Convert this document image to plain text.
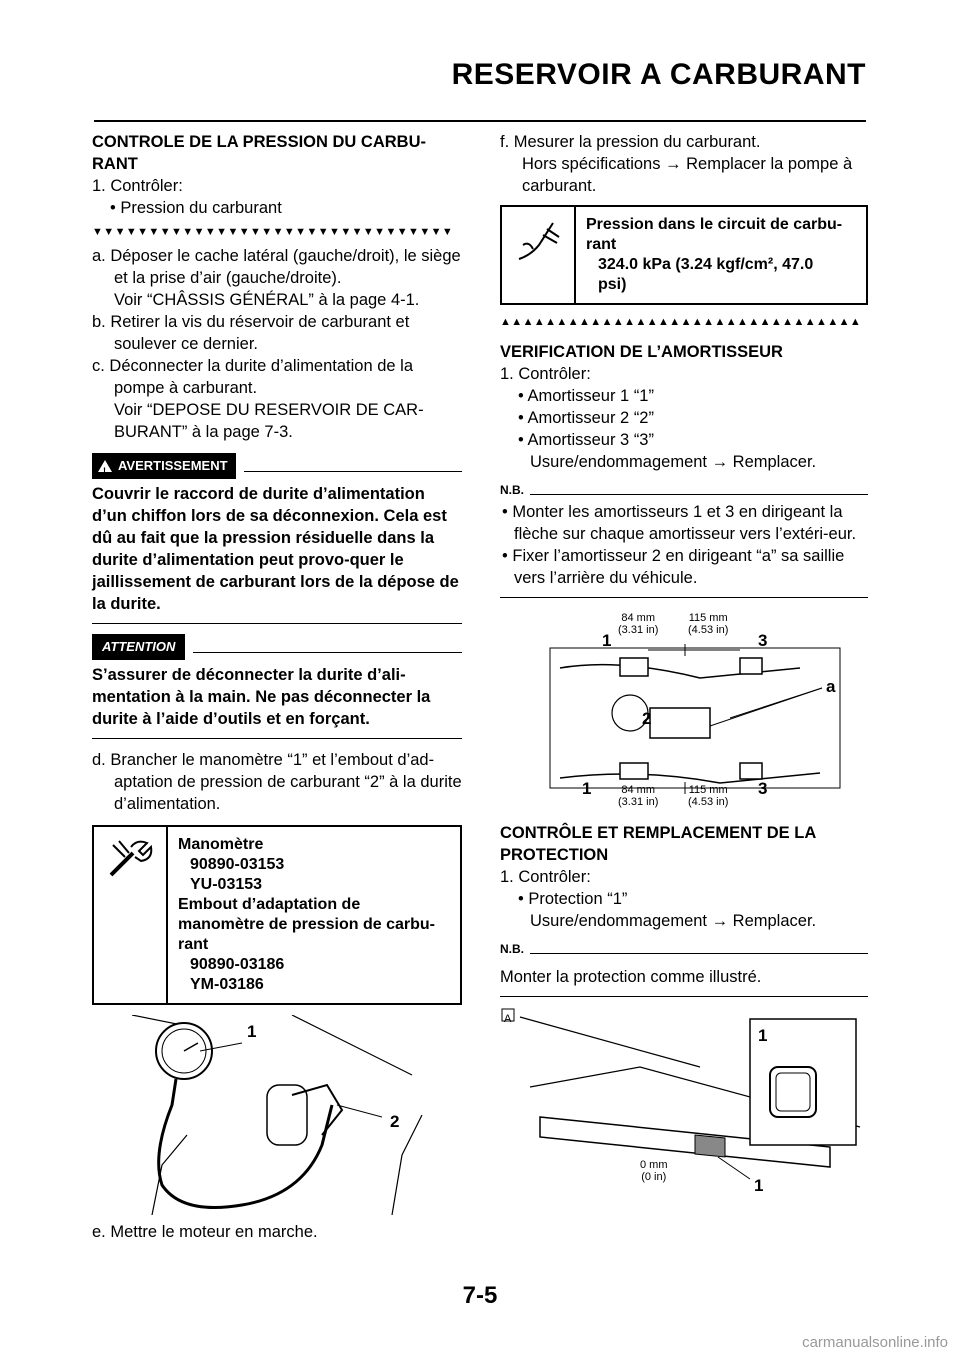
RESERVOIR A CARBURANT

CONTROLE DE LA PRESSION DU CARBU-RANT

1. Contrôler:

• Pression du carburant

▼▼▼▼▼▼▼▼▼▼▼▼▼▼▼▼▼▼▼▼▼▼▼▼▼▼▼▼▼▼▼▼

a. Déposer le cache latéral (gauche/droit), le siège et la prise d’air (gauche/droite).

Voir “CHÂSSIS GÉNÉRAL” à la page 4-1.

b. Retirer la vis du réservoir de carburant et soulever ce dernier.

c. Déconnecter la durite d’alimentation de la pompe à carburant.

Voir “DEPOSE DU RESERVOIR DE CAR-BURANT” à la page 7-3.

!
AVERTISSEMENT

Couvrir le raccord de durite d’alimentation d’un chiffon lors de sa déconnexion. Cela est dû au fait que la pression résiduelle dans la durite d’alimentation peut provo-quer le jaillissement de carburant lors de la dépose de la durite.

ATTENTION

S’assurer de déconnecter la durite d’ali-mentation à la main. Ne pas déconnecter la durite à l’aide d’outils et en forçant.

d. Brancher le manomètre “1” et l’embout d’ad-aptation de pression de carburant “2” à la durite d’alimentation.

Manomètre
90890-03153
YU-03153
Embout d’adaptation de
manomètre de pression de carbu-
rant
90890-03186
YM-03186
1
2

e. Mettre le moteur en marche.

f. Mesurer la pression du carburant.

Hors spécifications → Remplacer la pompe à carburant.

Pression dans le circuit de carbu-
rant
324.0 kPa (3.24 kgf/cm², 47.0
psi)
▲▲▲▲▲▲▲▲▲▲▲▲▲▲▲▲▲▲▲▲▲▲▲▲▲▲▲▲▲▲▲▲

VERIFICATION DE L’AMORTISSEUR

1. Contrôler:

• Amortisseur 1 “1”

• Amortisseur 2 “2”

• Amortisseur 3 “3”

Usure/endommagement → Remplacer.

N.B.

• Monter les amortisseurs 1 et 3 en dirigeant la flèche sur chaque amortisseur vers l’extéri-eur.

• Fixer l’amortisseur 2 en dirigeant “a” sa saillie vers l’arrière du véhicule.

84 mm
(3.31 in)
115 mm
(4.53 in)
84 mm
(3.31 in)
115 mm
(4.53 in)
1
1
2
3
3
a

CONTRÔLE ET REMPLACEMENT DE LA PROTECTION

1. Contrôler:

• Protection “1”

Usure/endommagement → Remplacer.

N.B.

Monter la protection comme illustré.

A
1
1
0 mm
(0 in)
7-5
carmanualsonline.info
